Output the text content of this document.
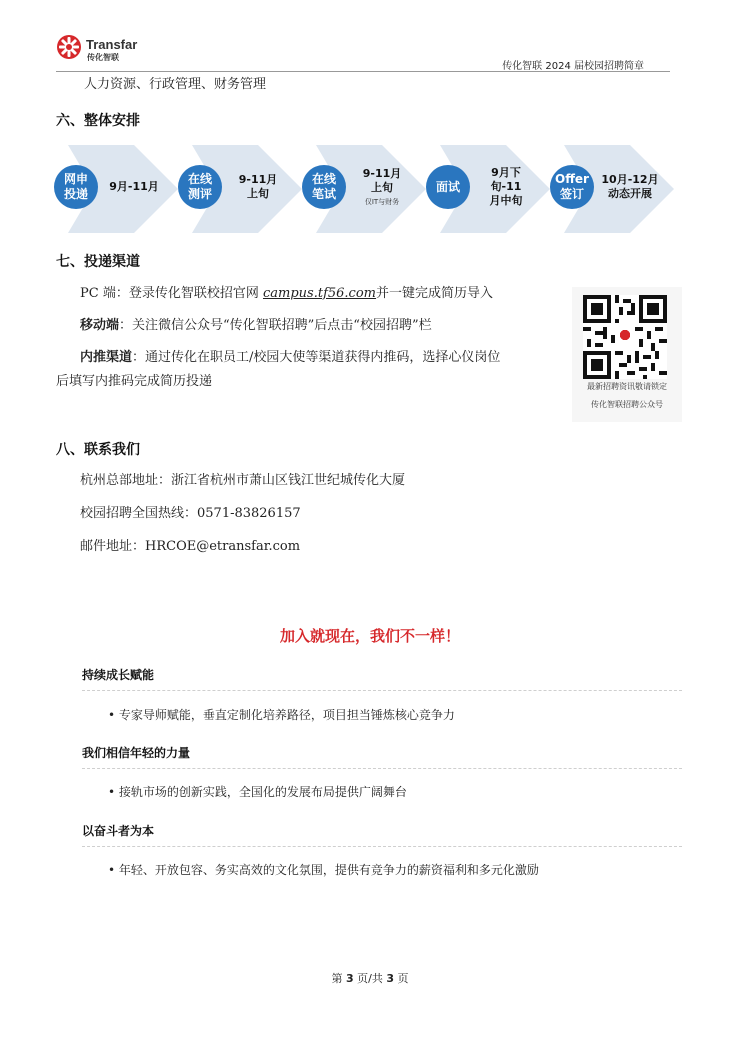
Transfar
传化智联
传化智联 2024 届校园招聘简章
人力资源、行政管理、财务管理
六、整体安排
网申
投递
9月-11月
在线
测评
9-11月
上旬
在线
笔试
9-11月
上旬
仅IT与财务
面试
9月下
旬-11
月中旬
Offer
签订
10月-12月
动态开展
七、投递渠道
PC 端：登录传化智联校招官网 campus.tf56.com并一键完成简历导入
移动端：关注微信公众号“传化智联招聘”后点击“校园招聘”栏
内推渠道：通过传化在职员工/校园大使等渠道获得内推码，选择心仪岗位
后填写内推码完成简历投递	最新招聘资讯敬请锁定
传化智联招聘公众号
八、联系我们
杭州总部地址：浙江省杭州市萧山区钱江世纪城传化大厦
校园招聘全国热线：0571-83826157
邮件地址：HRCOE@etransfar.com
加入就现在，我们不一样！
持续成长赋能
• 专家导师赋能，垂直定制化培养路径，项目担当锤炼核心竞争力
我们相信年轻的力量
• 接轨市场的创新实践，全国化的发展布局提供广阔舞台
以奋斗者为本
• 年轻、开放包容、务实高效的文化氛围，提供有竞争力的薪资福利和多元化激励
第 3 页/共 3 页
